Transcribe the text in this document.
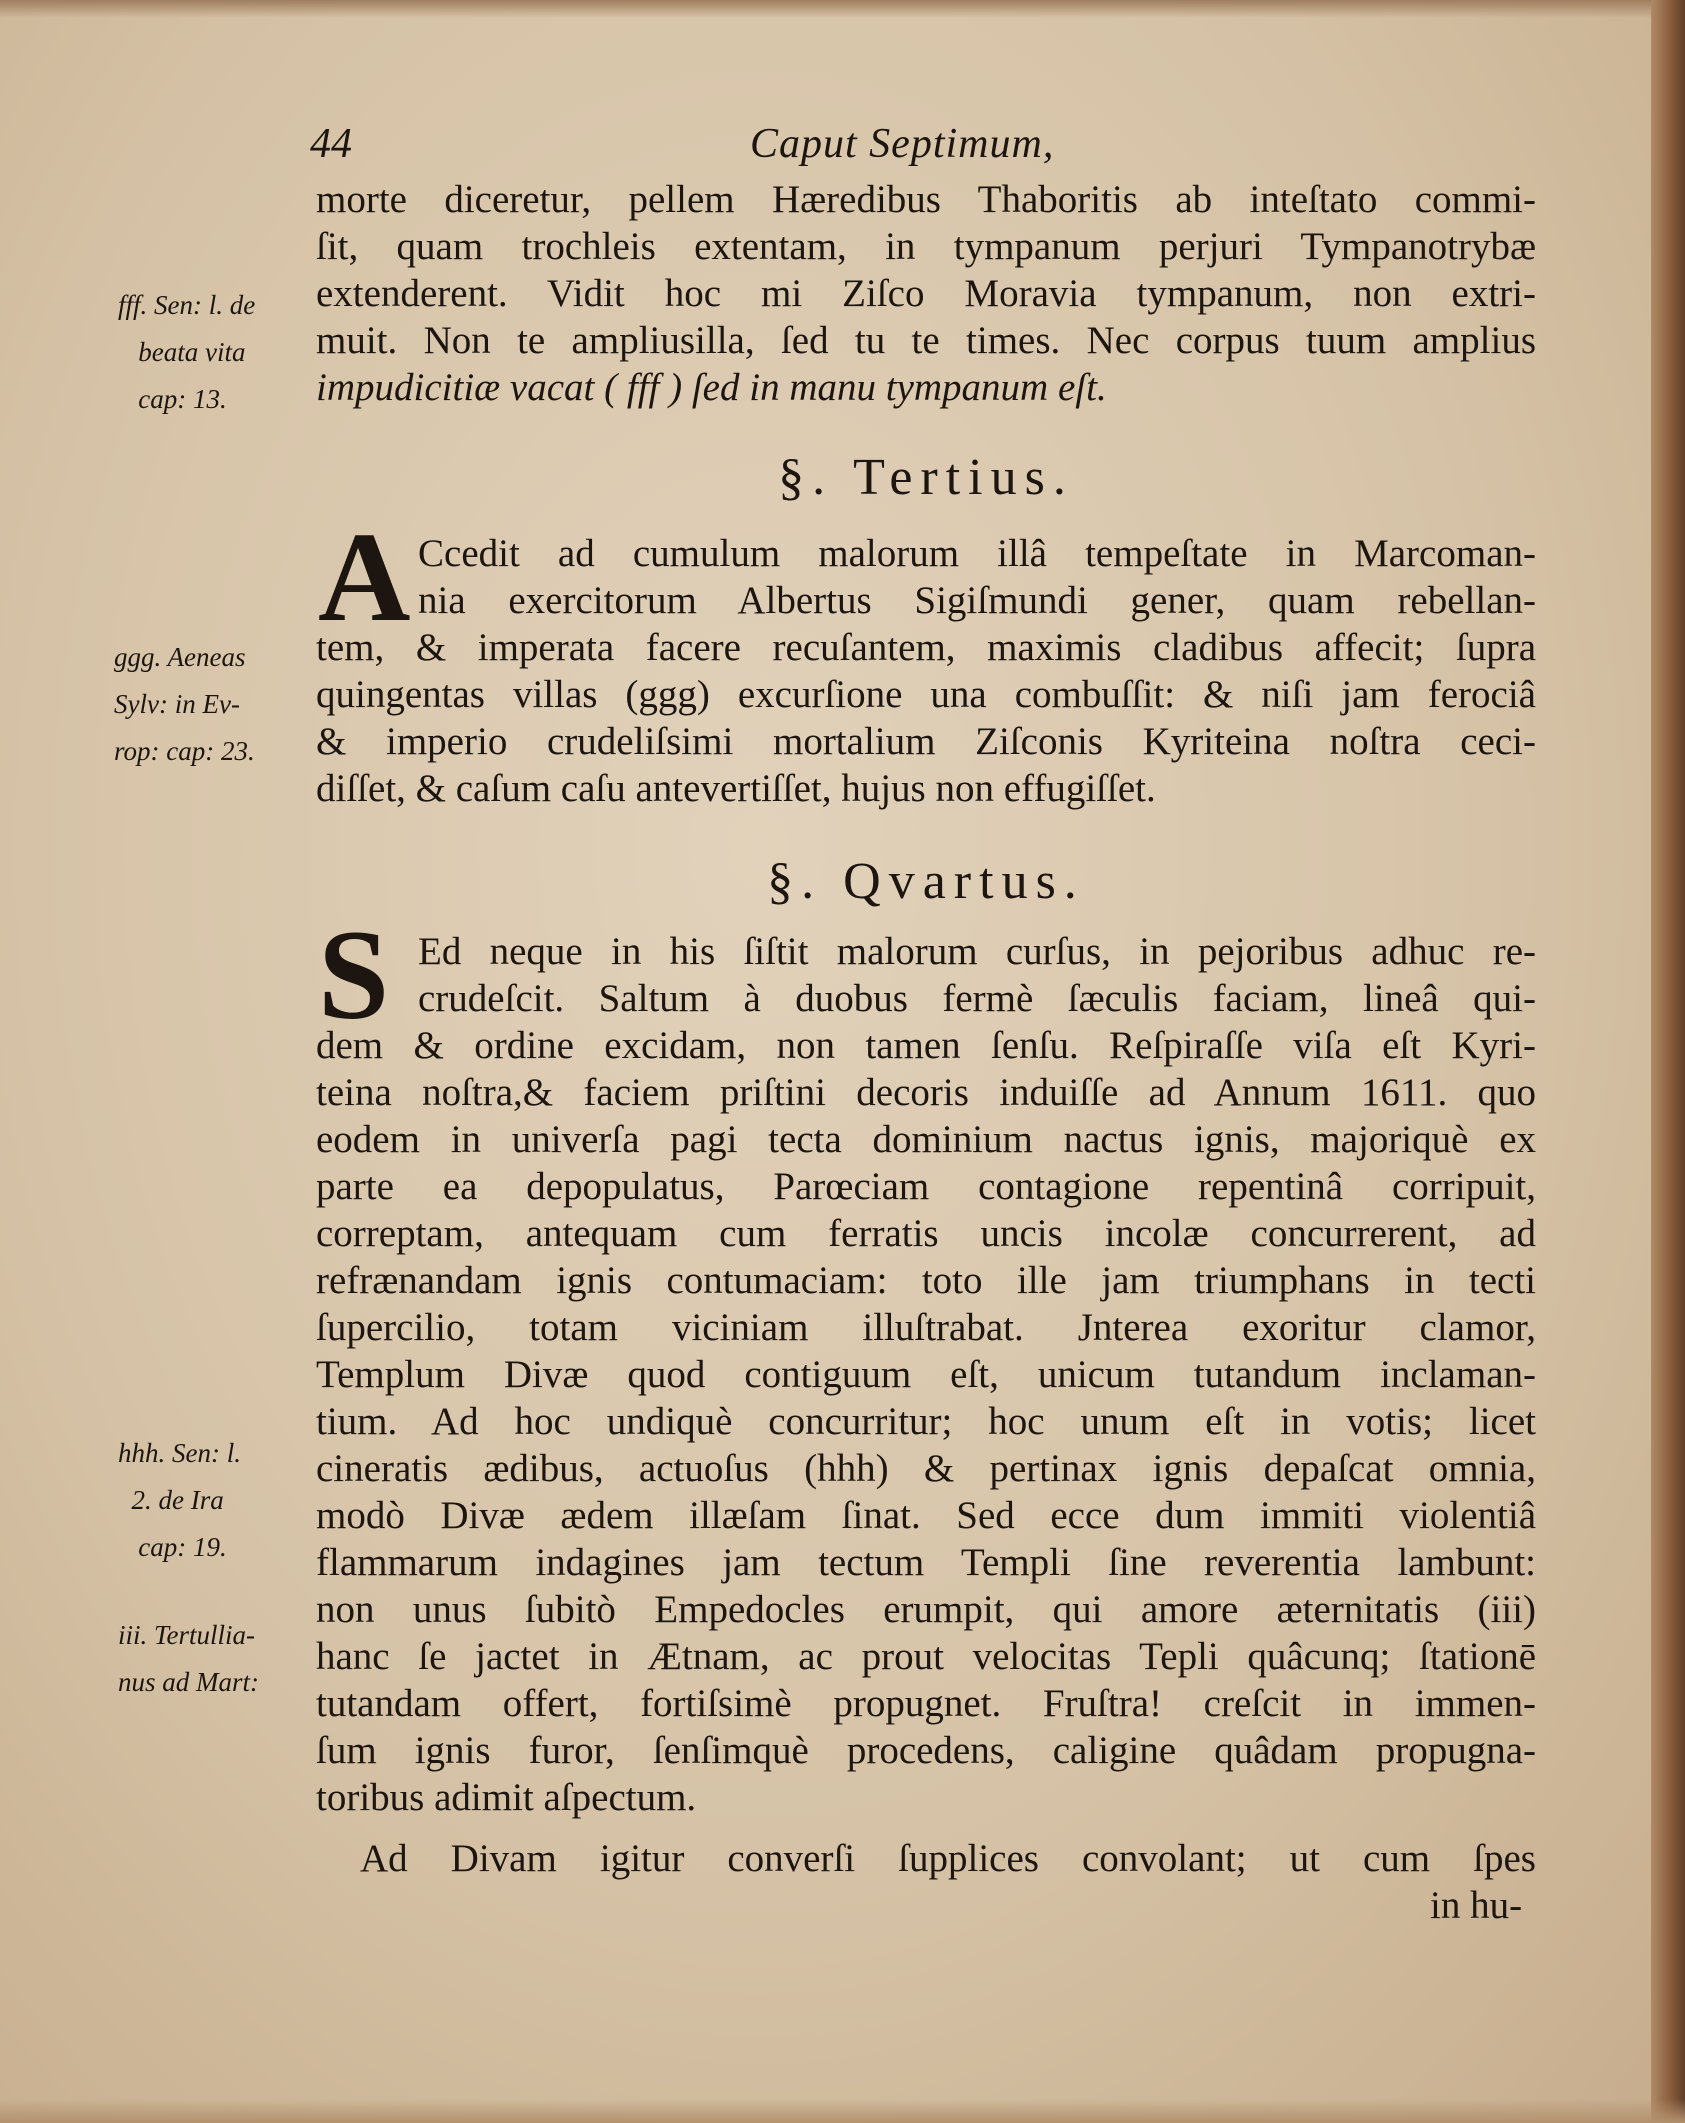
44	Caput Septimum,
fff. Sen: l. de
beata vita
cap: 13.
ggg. Aeneas
Sylv: in Ev-
rop: cap: 23.
hhh. Sen: l.
2. de Ira
cap: 19.
iii. Tertullia-
nus ad Mart:
morte diceretur, pellem Hæredibus Thaboritis ab inteſtato commi-
ſit, quam trochleis extentam, in tympanum perjuri Tympanotrybæ
extenderent. Vidit hoc mi Ziſco Moravia tympanum, non extri-
muit. Non te ampliusilla, ſed tu te times. Nec corpus tuum amplius
impudicitiæ vacat ( fff ) ſed in manu tympanum eſt.
§. Tertius.
A Ccedit ad cumulum malorum illâ tempeſtate in Marcoman-
nia exercitorum Albertus Sigiſmundi gener, quam rebellan-
tem, & imperata facere recuſantem, maximis cladibus affecit; ſupra
quingentas villas (ggg) excurſione una combuſſit: & niſi jam ferociâ
& imperio crudeliſsimi mortalium Ziſconis Kyriteina noſtra ceci-
diſſet, & caſum caſu antevertiſſet, hujus non effugiſſet.
§. Qvartus.
S Ed neque in his ſiſtit malorum curſus, in pejoribus adhuc re-
crudeſcit. Saltum à duobus fermè ſæculis faciam, lineâ qui-
dem & ordine excidam, non tamen ſenſu. Reſpiraſſe viſa eſt Kyri-
teina noſtra,& faciem priſtini decoris induiſſe ad Annum 1611. quo
eodem in univerſa pagi tecta dominium nactus ignis, majoriquè ex
parte ea depopulatus, Parœciam contagione repentinâ corripuit,
correptam, antequam cum ferratis uncis incolæ concurrerent, ad
refrænandam ignis contumaciam: toto ille jam triumphans in tecti
ſupercilio, totam viciniam illuſtrabat. Jnterea exoritur clamor,
Templum Divæ quod contiguum eſt, unicum tutandum inclaman-
tium. Ad hoc undiquè concurritur; hoc unum eſt in votis; licet
cineratis ædibus, actuoſus (hhh) & pertinax ignis depaſcat omnia,
modò Divæ ædem illæſam ſinat. Sed ecce dum immiti violentiâ
flammarum indagines jam tectum Templi ſine reverentia lambunt:
non unus ſubitò Empedocles erumpit, qui amore æternitatis (iii)
hanc ſe jactet in Ætnam, ac prout velocitas Tepli quâcunq; ſtationē
tutandam offert, fortiſsimè propugnet. Fruſtra! creſcit in immen-
ſum ignis furor, ſenſimquè procedens, caligine quâdam propugna-
toribus adimit aſpectum.
Ad Divam igitur converſi ſupplices convolant; ut cum ſpes
in hu-
